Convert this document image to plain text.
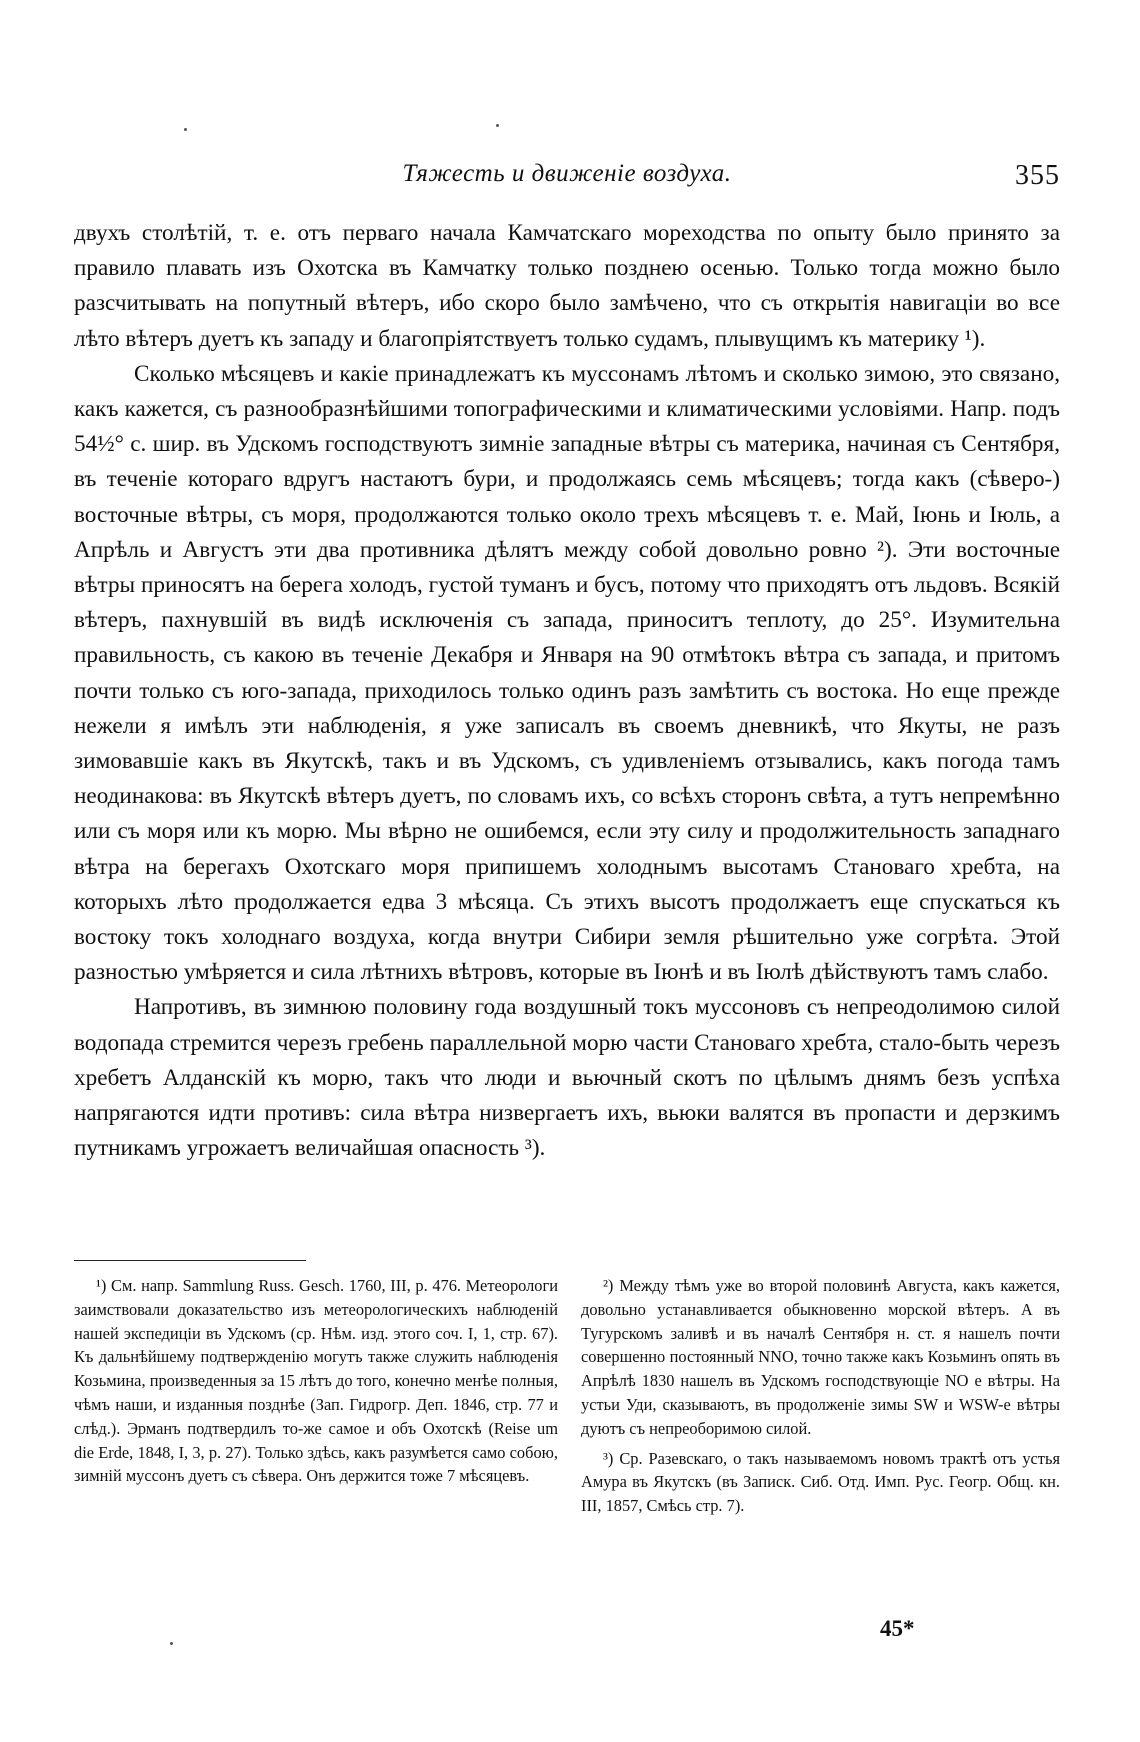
Тяжесть и движеніе воздуха.	355

двухъ столѣтій, т. е. отъ перваго начала Камчатскаго мореходства по опыту было принято за правило плавать изъ Охотска въ Камчатку только позднею осенью. Только тогда можно было разсчитывать на попутный вѣтеръ, ибо скоро было замѣчено, что съ открытія навигаціи во все лѣто вѣтеръ дуетъ къ западу и благопріятствуетъ только судамъ, плывущимъ къ материку ¹).

Сколько мѣсяцевъ и какіе принадлежатъ къ муссонамъ лѣтомъ и сколько зимою, это связано, какъ кажется, съ разнообразнѣйшими топографическими и климатическими условіями. Напр. подъ 54½° с. шир. въ Удскомъ господствуютъ зимніе западные вѣтры съ материка, начиная съ Сентября, въ теченіе котораго вдругъ настаютъ бури, и продолжаясь семь мѣсяцевъ; тогда какъ (сѣверо-) восточные вѣтры, съ моря, продолжаются только около трехъ мѣсяцевъ т. е. Май, Іюнь и Іюль, а Апрѣль и Августъ эти два противника дѣлятъ между собой довольно ровно ²). Эти восточные вѣтры приносятъ на берега холодъ, густой туманъ и бусъ, потому что приходятъ отъ льдовъ. Всякій вѣтеръ, пахнувшій въ видѣ исключенія съ запада, приноситъ теплоту, до 25°. Изумительна правильность, съ какою въ теченіе Декабря и Января на 90 отмѣтокъ вѣтра съ запада, и притомъ почти только съ юго-запада, приходилось только одинъ разъ замѣтить съ востока. Но еще прежде нежели я имѣлъ эти наблюденія, я уже записалъ въ своемъ дневникѣ, что Якуты, не разъ зимовавшіе какъ въ Якутскѣ, такъ и въ Удскомъ, съ удивленіемъ отзывались, какъ погода тамъ неодинакова: въ Якутскѣ вѣтеръ дуетъ, по словамъ ихъ, со всѣхъ сторонъ свѣта, а тутъ непремѣнно или съ моря или къ морю. Мы вѣрно не ошибемся, если эту силу и продолжительность западнаго вѣтра на берегахъ Охотскаго моря припишемъ холоднымъ высотамъ Становаго хребта, на которыхъ лѣто продолжается едва 3 мѣсяца. Съ этихъ высотъ продолжаетъ еще спускаться къ востоку токъ холоднаго воздуха, когда внутри Сибири земля рѣшительно уже согрѣта. Этой разностью умѣряется и сила лѣтнихъ вѣтровъ, которые въ Іюнѣ и въ Іюлѣ дѣйствуютъ тамъ слабо.

Напротивъ, въ зимнюю половину года воздушный токъ муссоновъ съ непреодолимою силой водопада стремится черезъ гребень параллельной морю части Становаго хребта, стало-быть черезъ хребетъ Алданскій къ морю, такъ что люди и вьючный скотъ по цѣлымъ днямъ безъ успѣха напрягаются идти противъ: сила вѣтра низвергаетъ ихъ, вьюки валятся въ пропасти и дерзкимъ путникамъ угрожаетъ величайшая опасность ³).

¹) См. напр. Sammlung Russ. Gesch. 1760, III, p. 476. Метеорологи заимствовали доказательство изъ метеорологическихъ наблюденій нашей экспедиціи въ Удскомъ (ср. Нѣм. изд. этого соч. I, 1, стр. 67). Къ дальнѣйшему подтвержденію могутъ также служить наблюденія Козьмина, произведенныя за 15 лѣтъ до того, конечно менѣе полныя, чѣмъ наши, и изданныя позднѣе (Зап. Гидрогр. Деп. 1846, стр. 77 и слѣд.). Эрманъ подтвердилъ то-же самое и объ Охотскѣ (Reise um die Erde, 1848, I, 3, p. 27). Только здѣсь, какъ разумѣется само собою, зимній муссонъ дуетъ съ сѣвера. Онъ держится тоже 7 мѣсяцевъ.

²) Между тѣмъ уже во второй половинѣ Августа, какъ кажется, довольно устанавливается обыкновенно морской вѣтеръ. А въ Тугурскомъ заливѣ и въ началѣ Сентября н. ст. я нашелъ почти совершенно постоянный NNO, точно также какъ Козьминъ опять въ Апрѣлѣ 1830 нашелъ въ Удскомъ господствующіе NO e вѣтры. На устьи Уди, сказываютъ, въ продолженіе зимы SW и WSW-e вѣтры дуютъ съ непреоборимою силой.

³) Ср. Разевскаго, о такъ называемомъ новомъ трактѣ отъ устья Амура въ Якутскъ (въ Записк. Сиб. Отд. Имп. Рус. Геогр. Общ. кн. III, 1857, Смѣсь стр. 7).

45*
